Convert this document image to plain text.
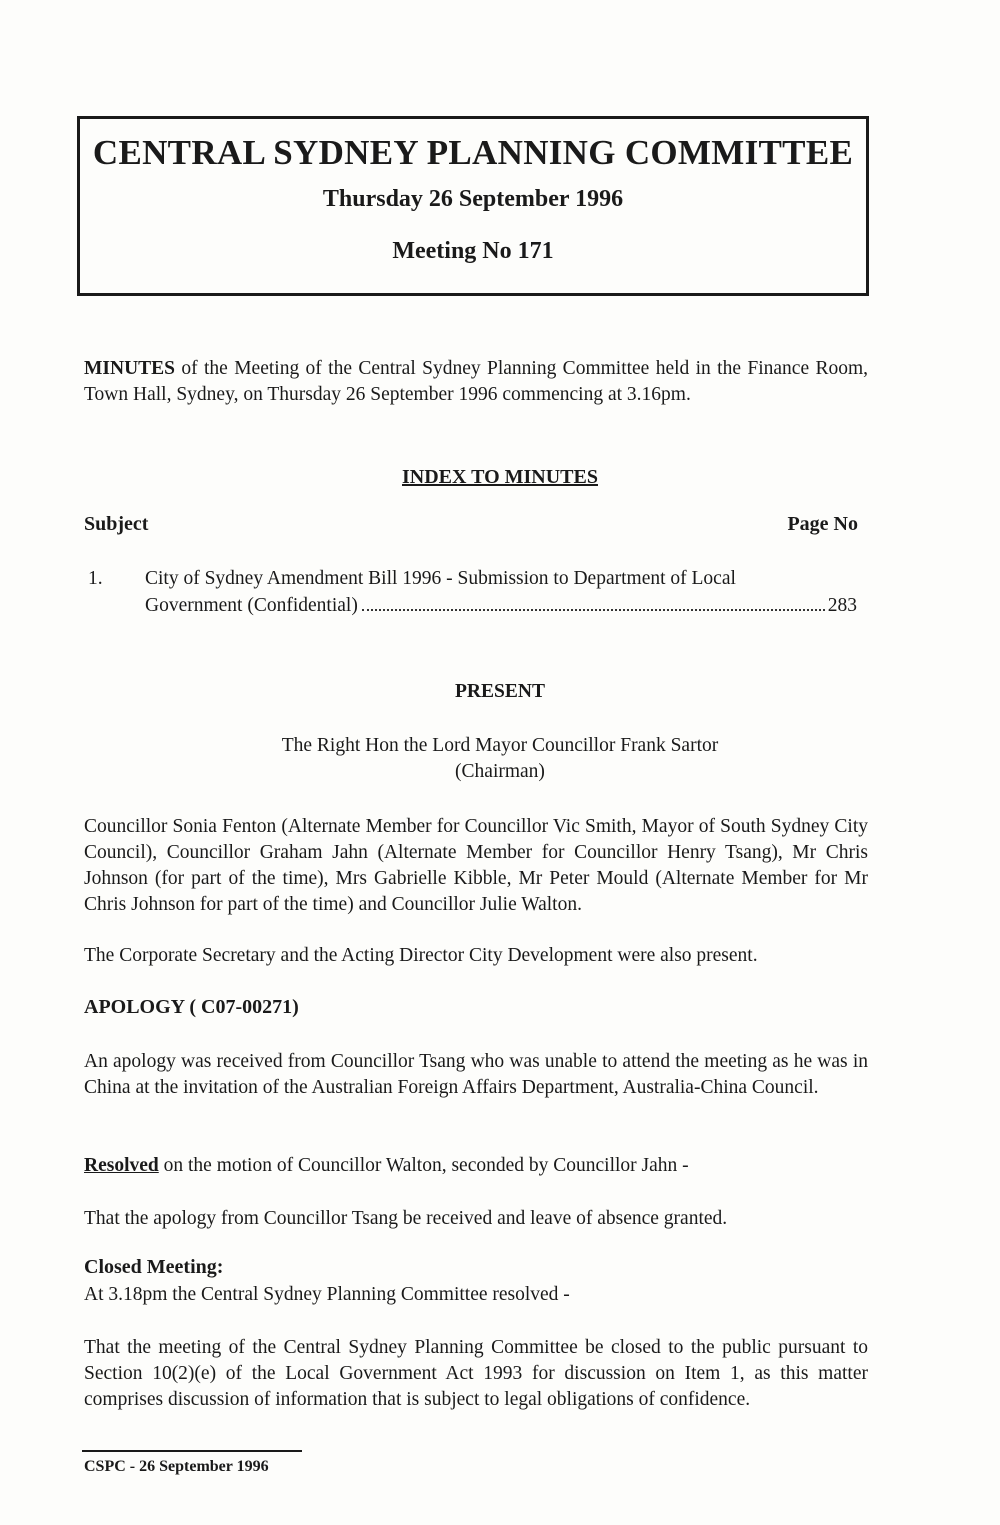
CENTRAL SYDNEY PLANNING COMMITTEE
Thursday 26 September 1996
Meeting No 171
MINUTES of the Meeting of the Central Sydney Planning Committee held in the Finance Room, Town Hall, Sydney, on Thursday 26 September 1996 commencing at 3.16pm.
INDEX TO MINUTES
Subject	Page No
1. City of Sydney Amendment Bill 1996 - Submission to Department of Local
Government (Confidential)	283
PRESENT
The Right Hon the Lord Mayor Councillor Frank Sartor
(Chairman)
Councillor Sonia Fenton (Alternate Member for Councillor Vic Smith, Mayor of South Sydney City Council), Councillor Graham Jahn (Alternate Member for Councillor Henry Tsang), Mr Chris Johnson (for part of the time), Mrs Gabrielle Kibble, Mr Peter Mould (Alternate Member for Mr Chris Johnson for part of the time) and Councillor Julie Walton.
The Corporate Secretary and the Acting Director City Development were also present.
APOLOGY ( C07-00271)
An apology was received from Councillor Tsang who was unable to attend the meeting as he was in China at the invitation of the Australian Foreign Affairs Department, Australia-China Council.
Resolved on the motion of Councillor Walton, seconded by Councillor Jahn -
That the apology from Councillor Tsang be received and leave of absence granted.
Closed Meeting:
At 3.18pm the Central Sydney Planning Committee resolved -
That the meeting of the Central Sydney Planning Committee be closed to the public pursuant to Section 10(2)(e) of the Local Government Act 1993 for discussion on Item 1, as this matter comprises discussion of information that is subject to legal obligations of confidence.
CSPC - 26 September 1996
